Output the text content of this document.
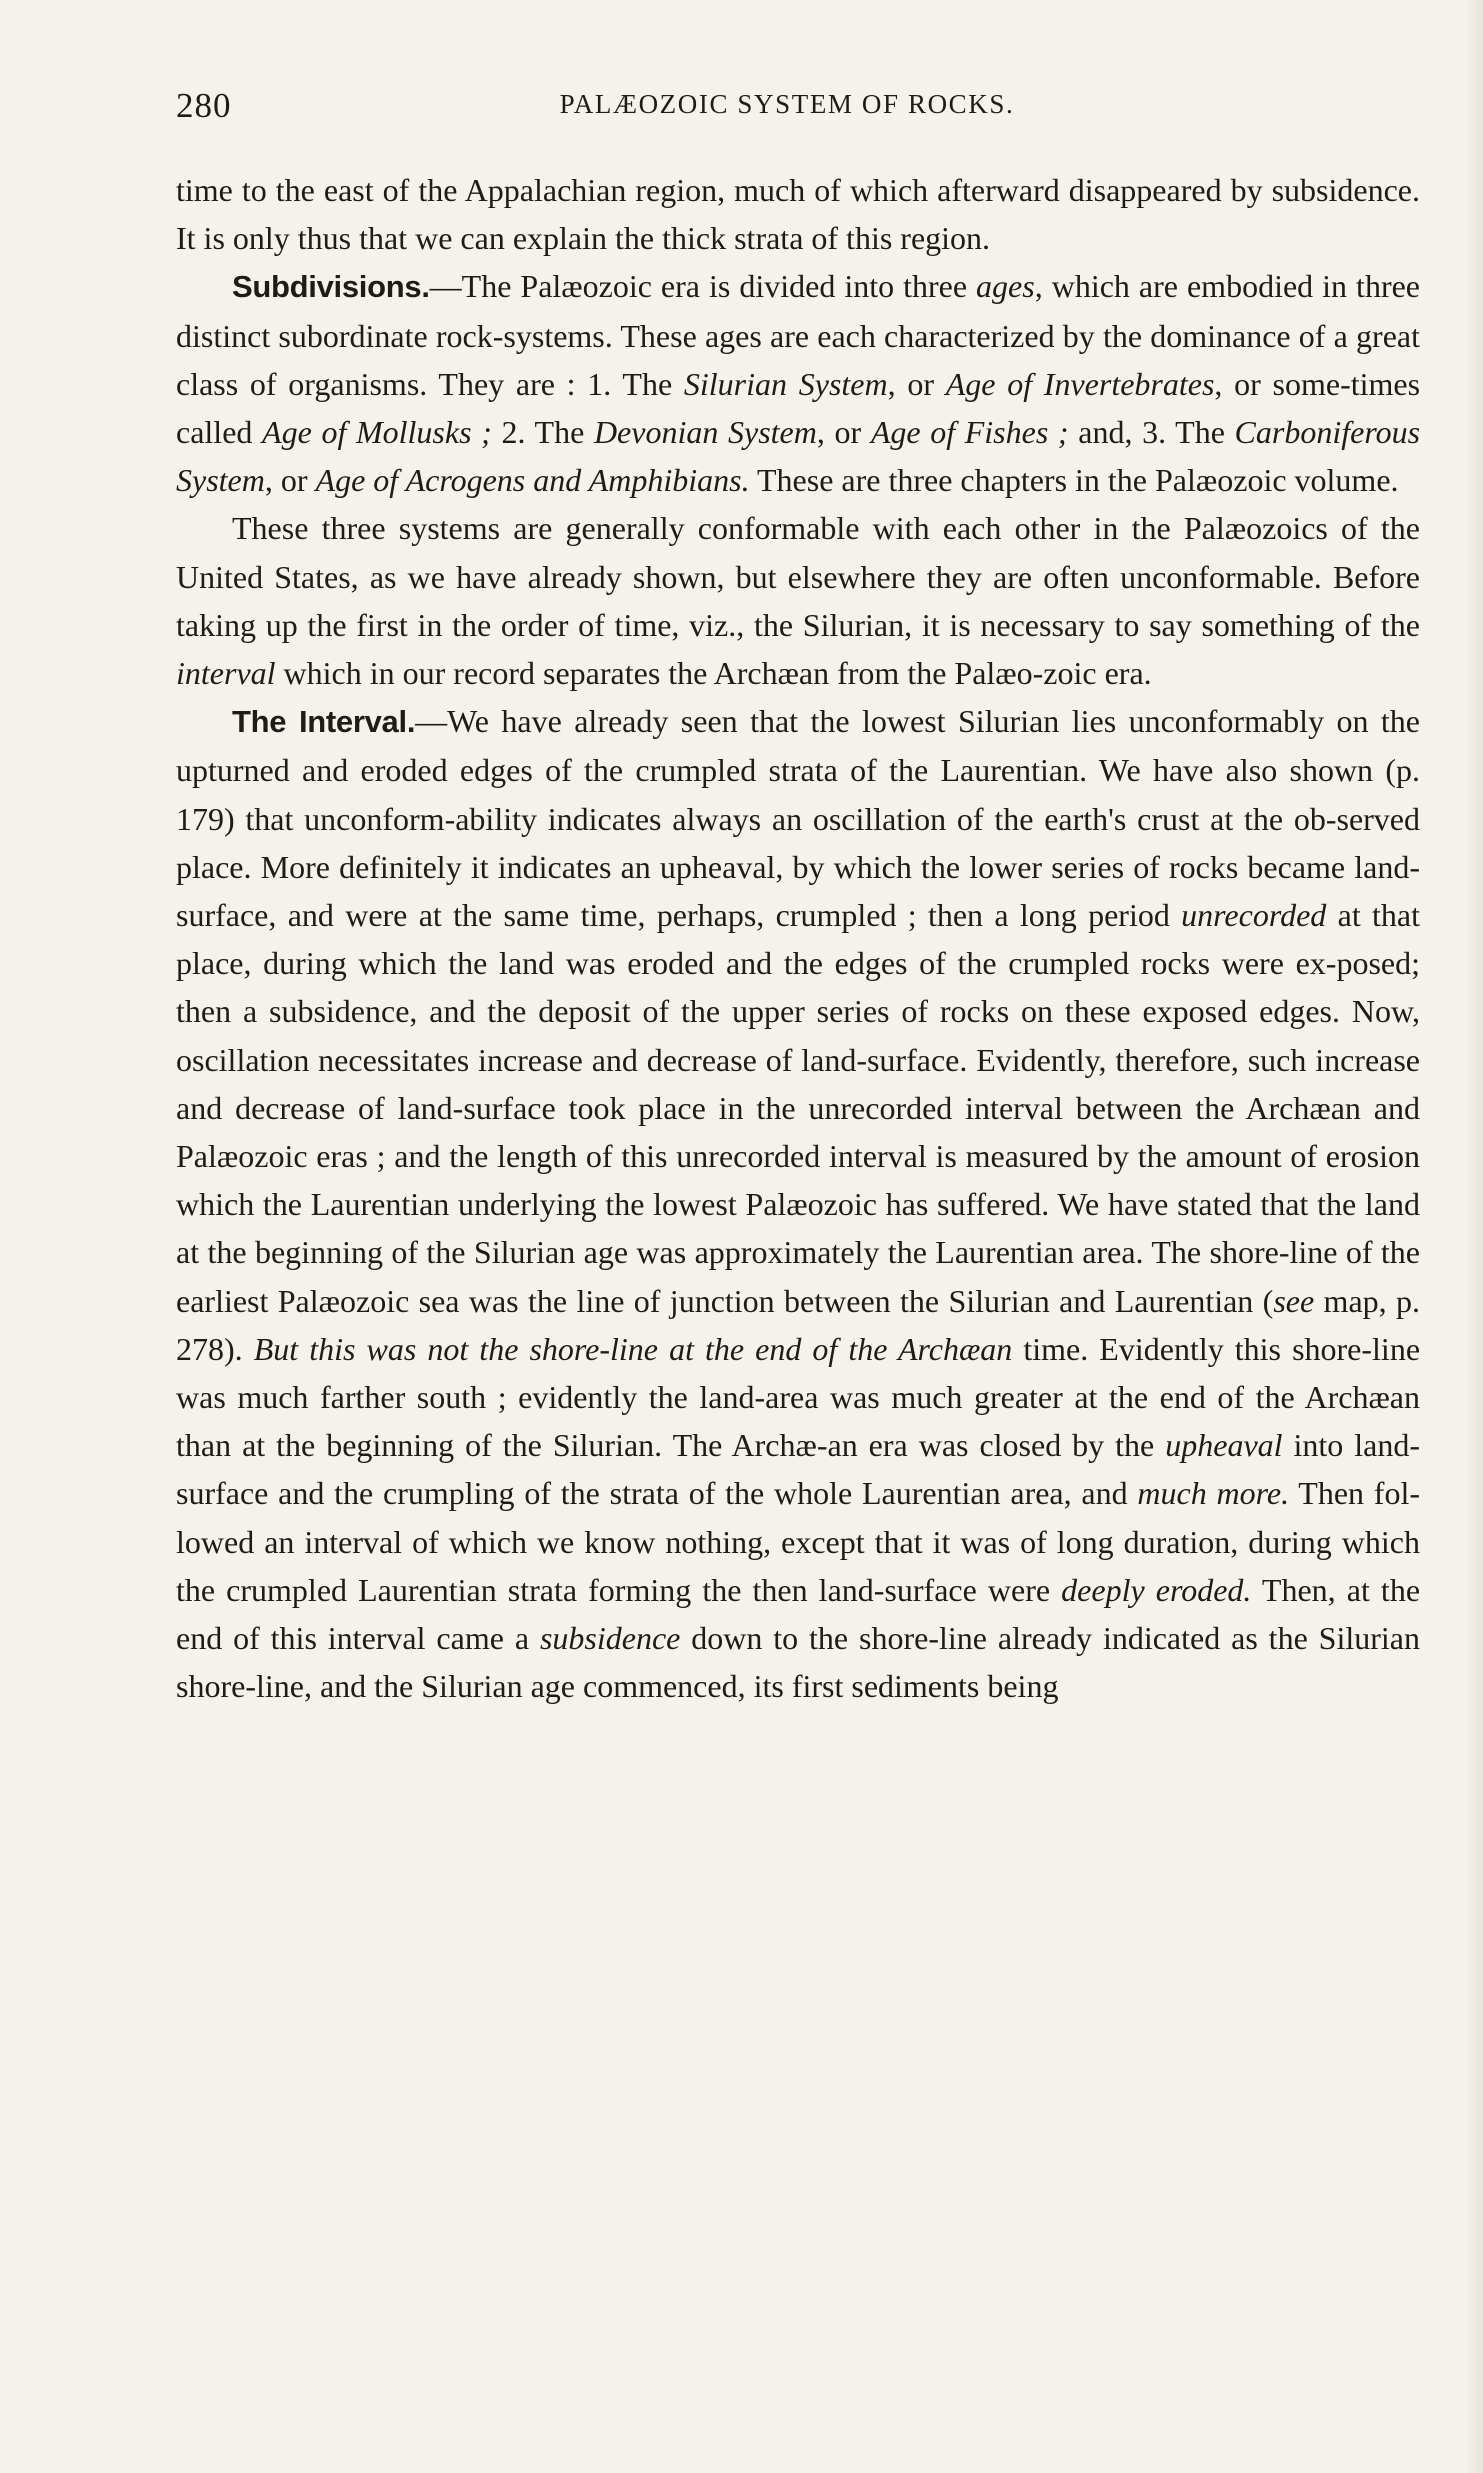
280	PALÆOZOIC SYSTEM OF ROCKS.

time to the east of the Appalachian region, much of which afterward disappeared by subsidence. It is only thus that we can explain the thick strata of this region.

Subdivisions.—The Palæozoic era is divided into three ages, which are embodied in three distinct subordinate rock-systems. These ages are each characterized by the dominance of a great class of organisms. They are : 1. The Silurian System, or Age of Invertebrates, or some-times called Age of Mollusks ; 2. The Devonian System, or Age of Fishes ; and, 3. The Carboniferous System, or Age of Acrogens and Amphibians. These are three chapters in the Palæozoic volume.

These three systems are generally conformable with each other in the Palæozoics of the United States, as we have already shown, but elsewhere they are often unconformable. Before taking up the first in the order of time, viz., the Silurian, it is necessary to say something of the interval which in our record separates the Archæan from the Palæo-zoic era.

The Interval.—We have already seen that the lowest Silurian lies unconformably on the upturned and eroded edges of the crumpled strata of the Laurentian. We have also shown (p. 179) that unconform-ability indicates always an oscillation of the earth's crust at the ob-served place. More definitely it indicates an upheaval, by which the lower series of rocks became land-surface, and were at the same time, perhaps, crumpled ; then a long period unrecorded at that place, during which the land was eroded and the edges of the crumpled rocks were ex-posed; then a subsidence, and the deposit of the upper series of rocks on these exposed edges. Now, oscillation necessitates increase and decrease of land-surface. Evidently, therefore, such increase and decrease of land-surface took place in the unrecorded interval between the Archæan and Palæozoic eras ; and the length of this unrecorded interval is measured by the amount of erosion which the Laurentian underlying the lowest Palæozoic has suffered. We have stated that the land at the beginning of the Silurian age was approximately the Laurentian area. The shore-line of the earliest Palæozoic sea was the line of junction between the Silurian and Laurentian (see map, p. 278). But this was not the shore-line at the end of the Archæan time. Evidently this shore-line was much farther south ; evidently the land-area was much greater at the end of the Archæan than at the beginning of the Silurian. The Archæ-an era was closed by the upheaval into land-surface and the crumpling of the strata of the whole Laurentian area, and much more. Then fol-lowed an interval of which we know nothing, except that it was of long duration, during which the crumpled Laurentian strata forming the then land-surface were deeply eroded. Then, at the end of this interval came a subsidence down to the shore-line already indicated as the Silurian shore-line, and the Silurian age commenced, its first sediments being
